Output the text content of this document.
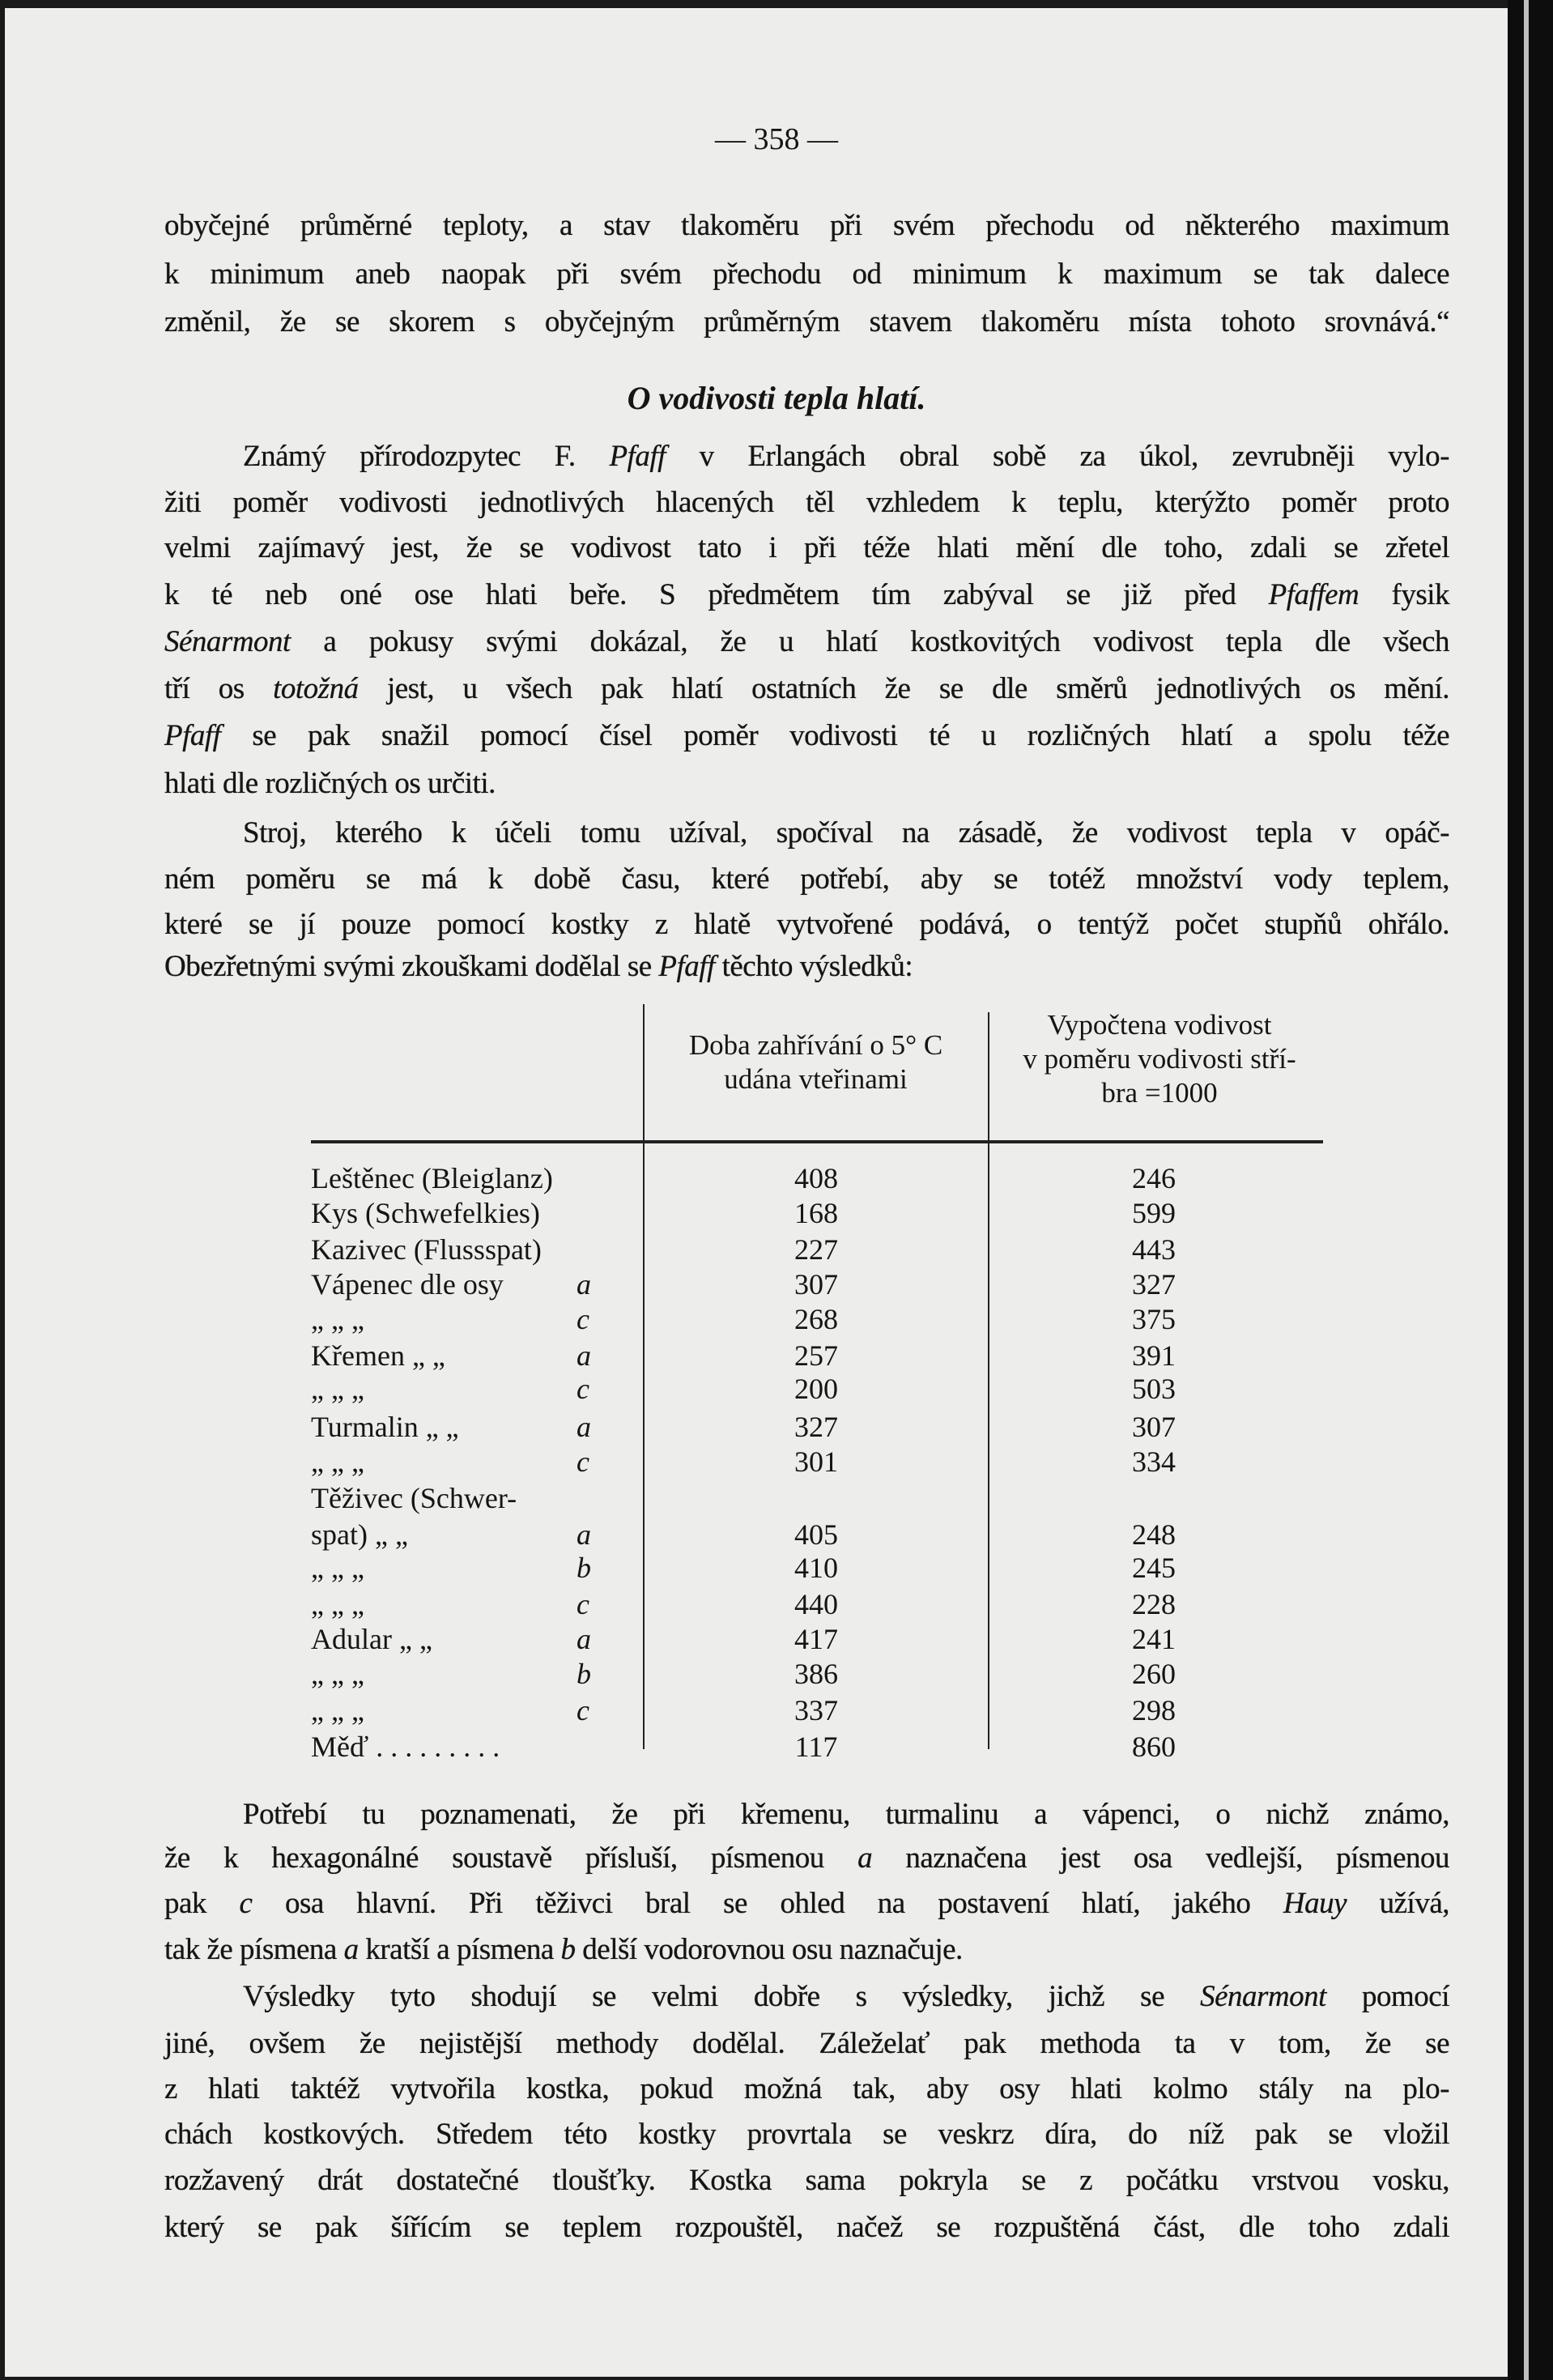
— 358 —
obyčejné průměrné teploty, a stav tlakoměru při svém přechodu od některého maximum
k minimum aneb naopak při svém přechodu od minimum k maximum se tak dalece
změnil, že se skorem s obyčejným průměrným stavem tlakoměru místa tohoto srovnává.“
O vodivosti tepla hlatí.
Známý přírodozpytec F. Pfaff v Erlangách obral sobě za úkol, zevrubněji vylo-
žiti poměr vodivosti jednotlivých hlacených těl vzhledem k teplu, kterýžto poměr proto
velmi zajímavý jest, že se vodivost tato i při téže hlati mění dle toho, zdali se zřetel
k té neb oné ose hlati beře. S předmětem tím zabýval se již před Pfaffem fysik
Sénarmont a pokusy svými dokázal, že u hlatí kostkovitých vodivost tepla dle všech
tří os totožná jest, u všech pak hlatí ostatních že se dle směrů jednotlivých os mění.
Pfaff se pak snažil pomocí čísel poměr vodivosti té u rozličných hlatí a spolu téže
hlati dle rozličných os určiti.
Stroj, kterého k účeli tomu užíval, spočíval na zásadě, že vodivost tepla v opáč-
ném poměru se má k době času, které potřebí, aby se totéž množství vody teplem,
které se jí pouze pomocí kostky z hlatě vytvořené podává, o tentýž počet stupňů ohřálo.
Obezřetnými svými zkouškami dodělal se Pfaff těchto výsledků:
Doba zahřívání o 5° C
udána vteřinami
Vypočtena vodivost
v poměru vodivosti stří-
bra =1000
Leštěnec (Bleiglanz)	408	246
Kys (Schwefelkies)	168	599
Kazivec (Flussspat)	227	443
Vápenec dle osy	a	307	327
„ „ „	c	268	375
Křemen „ „	a	257	391
„ „ „	c	200	503
Turmalin „ „	a	327	307
„ „ „	c	301	334
Těživec (Schwer-
spat) „ „	a	405	248
„ „ „	b	410	245
„ „ „	c	440	228
Adular „ „	a	417	241
„ „ „	b	386	260
„ „ „	c	337	298
Měď . . . . . . . . .	117	860
Potřebí tu poznamenati, že při křemenu, turmalinu a vápenci, o nichž známo,
že k hexagonálné soustavě přísluší, písmenou a naznačena jest osa vedlejší, písmenou
pak c osa hlavní. Při těživci bral se ohled na postavení hlatí, jakého Hauy užívá,
tak že písmena a kratší a písmena b delší vodorovnou osu naznačuje.
Výsledky tyto shodují se velmi dobře s výsledky, jichž se Sénarmont pomocí
jiné, ovšem že nejistější methody dodělal. Záleželať pak methoda ta v tom, že se
z hlati taktéž vytvořila kostka, pokud možná tak, aby osy hlati kolmo stály na plo-
chách kostkových. Středem této kostky provrtala se veskrz díra, do níž pak se vložil
rozžavený drát dostatečné tloušťky. Kostka sama pokryla se z počátku vrstvou vosku,
který se pak šířícím se teplem rozpouštěl, načež se rozpuštěná část, dle toho zdali
